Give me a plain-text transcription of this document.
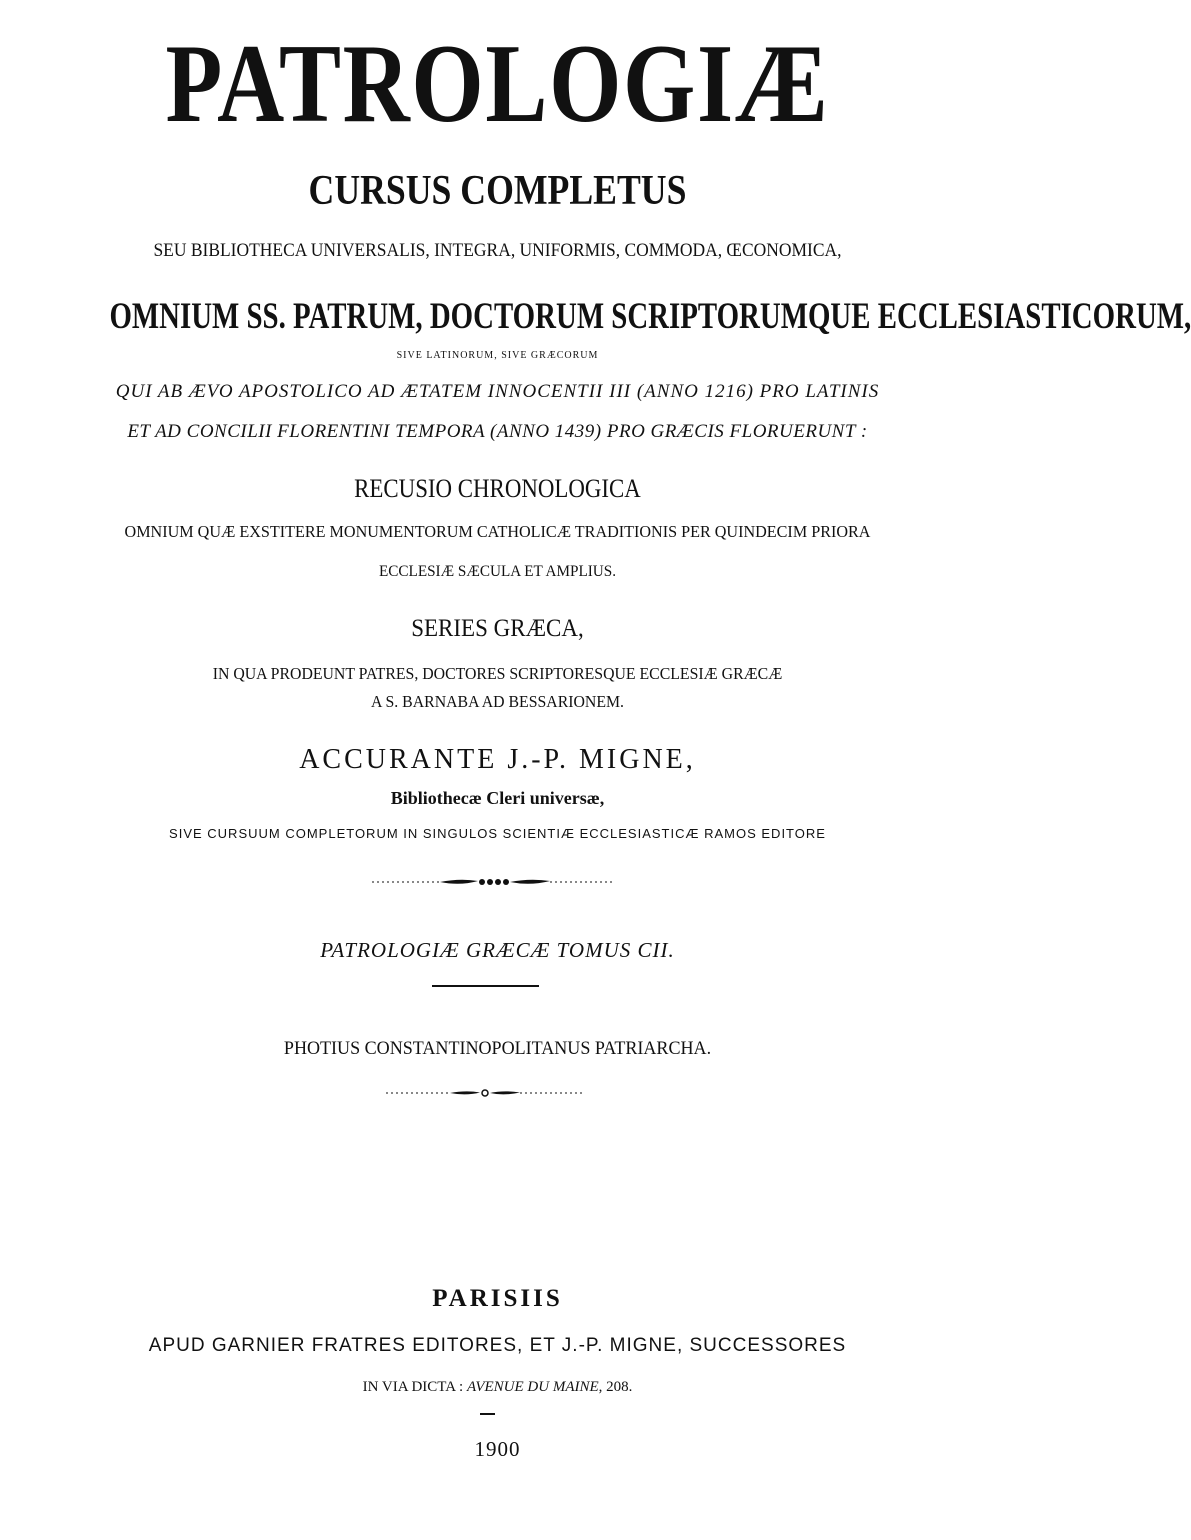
PATROLOGIÆ
CURSUS COMPLETUS
SEU BIBLIOTHECA UNIVERSALIS, INTEGRA, UNIFORMIS, COMMODA, ŒCONOMICA,
OMNIUM SS. PATRUM, DOCTORUM SCRIPTORUMQUE ECCLESIASTICORUM,
SIVE LATINORUM, SIVE GRÆCORUM
QUI AB ÆVO APOSTOLICO AD ÆTATEM INNOCENTII III (ANNO 1216) PRO LATINIS
ET AD CONCILII FLORENTINI TEMPORA (ANNO 1439) PRO GRÆCIS FLORUERUNT :
RECUSIO CHRONOLOGICA
OMNIUM QUÆ EXSTITERE MONUMENTORUM CATHOLICÆ TRADITIONIS PER QUINDECIM PRIORA
ECCLESIÆ SÆCULA ET AMPLIUS.
SERIES GRÆCA,
IN QUA PRODEUNT PATRES, DOCTORES SCRIPTORESQUE ECCLESIÆ GRÆCÆ
A S. BARNABA AD BESSARIONEM.
ACCURANTE J.-P. MIGNE,
Bibliothecæ Cleri universæ,
SIVE CURSUUM COMPLETORUM IN SINGULOS SCIENTIÆ ECCLESIASTICÆ RAMOS EDITORE
PATROLOGIÆ GRÆCÆ TOMUS CII.
PHOTIUS CONSTANTINOPOLITANUS PATRIARCHA.
PARISIIS
APUD GARNIER FRATRES EDITORES, ET J.-P. MIGNE, SUCCESSORES
IN VIA DICTA : AVENUE DU MAINE, 208.
1900
